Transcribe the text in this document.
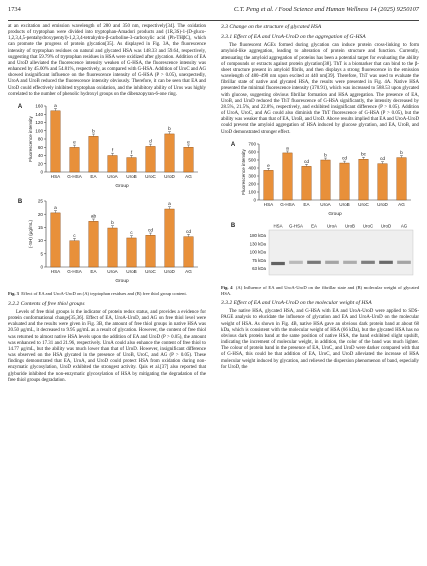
1734	C.T. Peng et al. / Food Science and Human Wellness 14 (2025) 9250107

at an excitation and emission wavelength of 280 and 350 nm, respectively[34]. The oxidation products of tryptophan were divided into tryptophan-Amadori products and (1R,3S)-1-(D-gluco-1,2,3,4,5-pentahydroxypentyl)-1,2,3,4-tetrahydro-β-carboline-3-carboxylic acid (Ph-THβC), which can promote the progress of protein glycation[35]. As displayed in Fig. 3A, the fluorescence intensity of tryptophan residues on natural and glycated HSA was 148.33 and 59.64, respectively, suggesting that 59.79% of tryptophan residues in HSA were oxidized after glycation. Addition of EA and UroD alleviated the fluorescence intensity weaken of G-HSA, the fluorescence intensity was enhanced by 45.00% and 54.81%, respectively, as compared with G-HSA. Addition of UroC and AG showed insignificant influence on the fluorescence intensity of G-HSA (P > 0.05), unexpectedly, UroA and UroB reduced the fluorescence intensity obviously. Therefore, it can be seen that EA and UroD could effectively inhibited tryptophan oxidation, and the inhibitory ability of Uros was highly correlated to the number of phenolic hydroxyl groups on the dibenzopyran-6-one ring.

A
0
20
40
60
80
100
120
140
160
Fluorescence intensity
a
HSA
e
G-HSA
b
EA
f
UroA
f
UroB
d
UroC
b
UroD
e
AG
Group

B
0
5
10
15
20
25
(-SH) (μg/mL)
a
HSA
c
G-HSA
ab
EA
b
UroA
c
UroB
cd
UroC
a
UroD
cd
AG
Group

Fig. 3 Effect of EA and UroA-UroD on (A) tryptophan residues and (B) free thiol group content.

3.2.2 Contents of free thiol groups

Levels of free thiol groups is the indicator of protein redox status, and provides a evidence for protein conformational change[35,36]. Effect of EA, UroA-UroD, and AG on free thiol level were evaluated and the results were given in Fig. 3B, the amount of free thiol groups in native HSA was 20.50 μg/mL, it decreased to 9.95 μg/mL as a result of glycation. However, the content of free thiol was returned to almost native HSA levels upon the addition of EA and UroD (P > 0.05), the amount was enhanced to 17.31 and 21.96, respectively. UroA could also enhance the content of free thiol to 14.77 μg/mL, but the ability was much lower than that of UroD. However, insignificant difference was observed on the HSA glycated in the presence of UroB, UroC, and AG (P > 0.05). These findings demonstrated that EA, UroA, and UroD could protect HSA from oxidation during non-enzymatic glycosylation, UroD exhibited the strongest activity. Qais et al.[37] also reported that glyburide inhibited the non-enzymatic glycosylation of HSA by mitigating the degradation of the free thiol groups degradation.

3.3 Change on the structure of glycated HSA

3.3.1 Effect of EA and UroA-UroD on the aggregation of G-HSA

The fluorescent AGEs formed during glycation can induce protein cross-linking to form amyloid-like aggregation, leading to alteration of protein structure and function. Currently, attenuating the amyloid aggregation of proteins has been a potential target for evaluating the ability of compounds or extracts against protein glycation[38]. ThT is a biomarker that can bind to the β-sheet structure present in amyloid fibrils, and then displays a strong fluorescence in the emission wavelength of 480–490 nm upon excited at 440 nm[39]. Therefore, ThT was used to evaluate the fibrillar state of native and glycated HSA, the results were presented in Fig. 4A. Native HSA presented the minimal fluorescence intensity (370.91), which was increased to 588.53 upon glycated with glucose, suggesting obvious fibrillar formation and HSA aggregation. The presence of EA, UroB, and UroD reduced the ThT fluorescence of G-HSA significantly, the intensity decreased by 28.5%, 21.5%, and 22.8%, respectively, and exhibited insignificant difference (P > 0.05). Addition of UroA, UroC, and AG could also diminish the ThT fluorescence of G-HSA (P > 0.05), but the ability was weaker than that of EA, UroB, and UroD. Above results implied that EA and UroA-UroD could prevent the amyloid aggregation of HSA induced by glucose glycation, and EA, UroB, and UroD demonstrated stronger effect.

A
0
100
200
300
400
500
600
700
Fluorescence intensity	e
HSA
a
G-HSA
cd
EA
b
UroA
cd
UroB
bc
UroC
cd
UroD
b
AG
Group

B	HSA G-HSA EA UroA UroB UroC UroD AG
180 kDa
130 kDa
100 kDa
75 kDa
63 kDa

Fig. 4 (A) Influence of EA and UroA-UroD on the fibrillar state and (B) molecular weight of glycated HSA.

3.3.2 Effect of EA and UroA-UroD on the molecular weight of HSA

The native HSA, glycated HSA, and G-HSA with EA and UroA-UroD were applied to SDS-PAGE analysis to elucidate the influence of glycation and EA and UroA-UroD on the molecular weight of HSA. As shown in Fig. 4B, native HSA gave an obvious dark protein band at about 68 kDa, which is consistent with the molecular weight of HSA (66 kDa), but the glycated HSA has no obvious dark protein band at the same position of native HSA, the band exhibited slight upshift, indicating the increment of molecular weight, in addition, the color of the band was much lighter. The colour of protein band in the presence of EA, UroC, and UroD were darker compared with that of G-HSA, this could be that addition of EA, UroC, and UroD alleviated the increase of HSA molecular weight induced by glycation, and relieved the dispersion phenomenon of band, especially for UroD, the
